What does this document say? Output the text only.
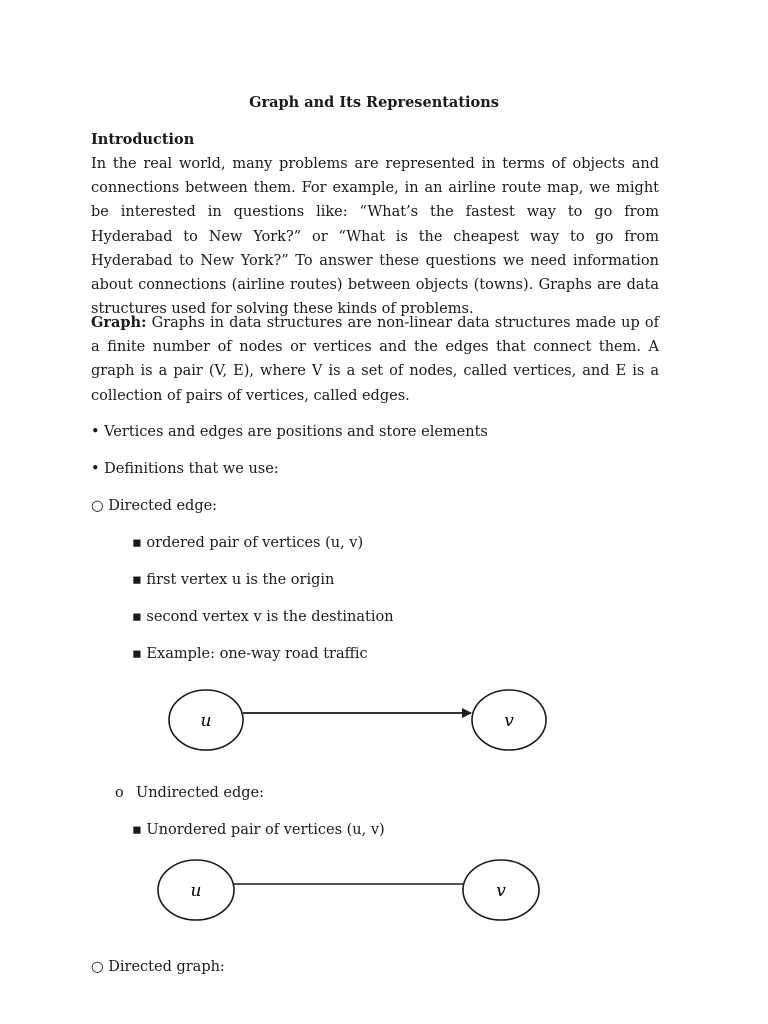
Graph and Its Representations
Introduction

In the real world, many problems are represented in terms of objects and connections between them. For example, in an airline route map, we might be interested in questions like: “What’s the fastest way to go from Hyderabad to New York?” or “What is the cheapest way to go from Hyderabad to New York?” To answer these questions we need information about connections (airline routes) between objects (towns). Graphs are data structures used for solving these kinds of problems.

Graph: Graphs in data structures are non-linear data structures made up of a finite number of nodes or vertices and the edges that connect them. A graph is a pair (V, E), where V is a set of nodes, called vertices, and E is a collection of pairs of vertices, called edges.

• Vertices and edges are positions and store elements
• Definitions that we use:
○ Directed edge:
▪ ordered pair of vertices (u, v)
▪ first vertex u is the origin
▪ second vertex v is the destination
▪ Example: one-way road traffic
u	v
u	v
o Undirected edge:
▪ Unordered pair of vertices (u, v)
○ Directed graph:
